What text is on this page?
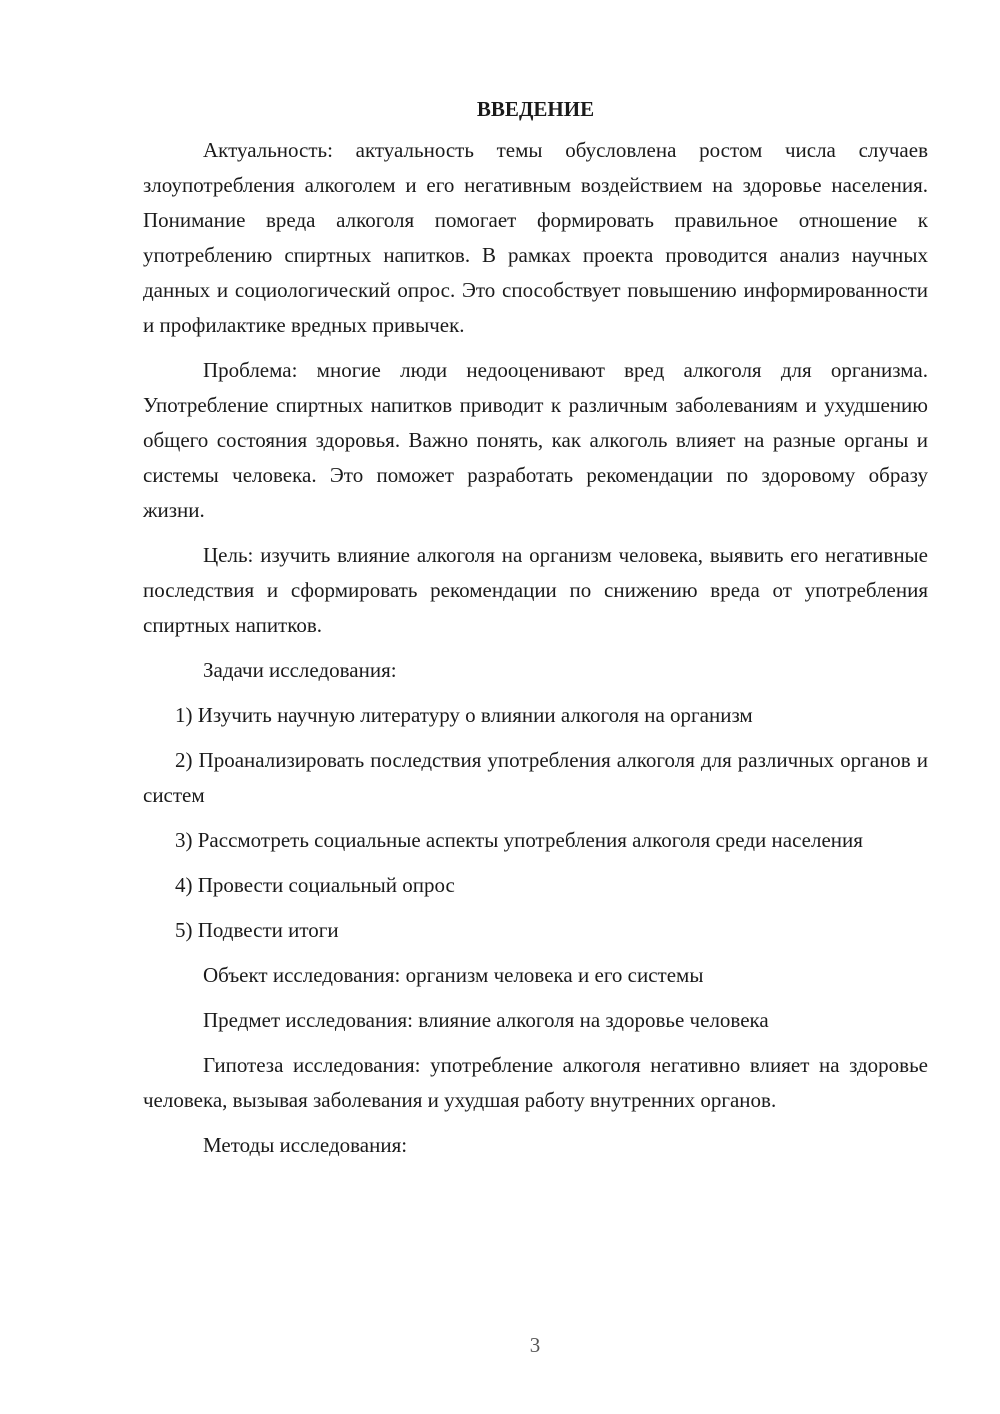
ВВЕДЕНИЕ

Актуальность: актуальность темы обусловлена ростом числа случаев злоупотребления алкоголем и его негативным воздействием на здоровье населения. Понимание вреда алкоголя помогает формировать правильное отношение к употреблению спиртных напитков. В рамках проекта проводится анализ научных данных и социологический опрос. Это способствует повышению информированности и профилактике вредных привычек.

Проблема: многие люди недооценивают вред алкоголя для организма. Употребление спиртных напитков приводит к различным заболеваниям и ухудшению общего состояния здоровья. Важно понять, как алкоголь влияет на разные органы и системы человека. Это поможет разработать рекомендации по здоровому образу жизни.

Цель: изучить влияние алкоголя на организм человека, выявить его негативные последствия и сформировать рекомендации по снижению вреда от употребления спиртных напитков.

Задачи исследования:

1) Изучить научную литературу о влиянии алкоголя на организм

2) Проанализировать последствия употребления алкоголя для различных органов и систем

3) Рассмотреть социальные аспекты употребления алкоголя среди населения

4) Провести социальный опрос

5) Подвести итоги

Объект исследования: организм человека и его системы

Предмет исследования: влияние алкоголя на здоровье человека

Гипотеза исследования: употребление алкоголя негативно влияет на здоровье человека, вызывая заболевания и ухудшая работу внутренних органов.

Методы исследования:

3
